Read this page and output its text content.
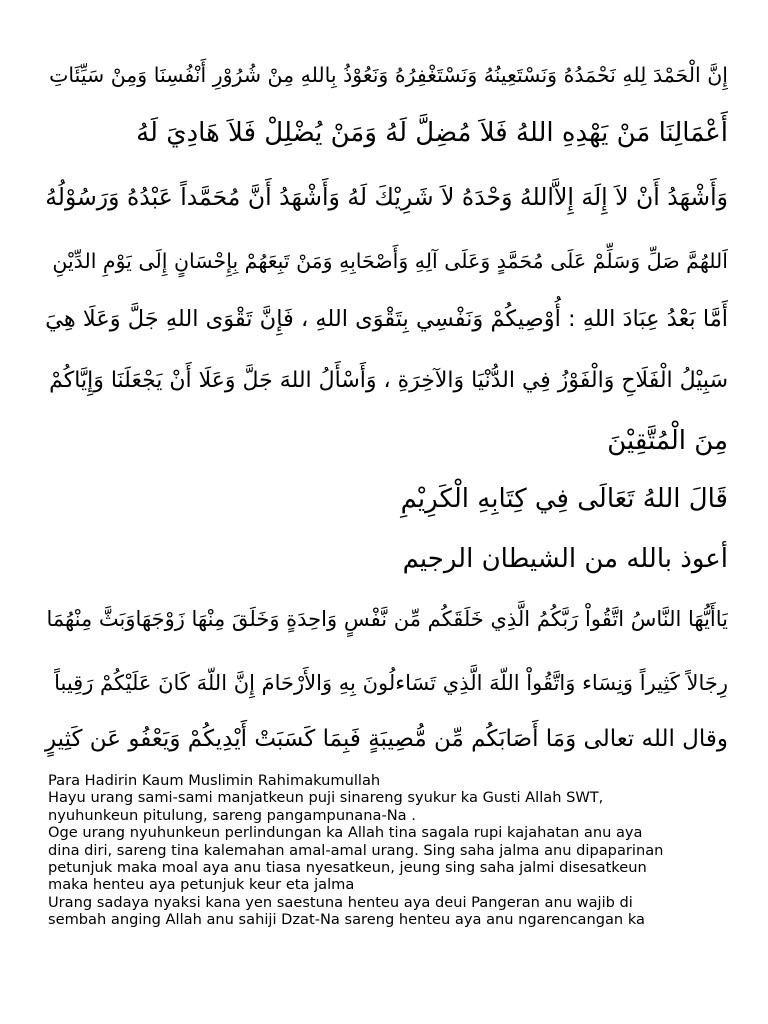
إِنَّ الْحَمْدَ لِلهِ نَحْمَدُهُ وَنَسْتَعِينُهُ وَنَسْتَغْفِرُهُ وَنَعُوْذُ بِاللهِ مِنْ شُرُوْرِ أَنْفُسِنَا وَمِنْ سَيِّئَاتِ
أَعْمَالِنَا مَنْ يَهْدِهِ اللهُ فَلاَ مُضِلَّ لَهُ وَمَنْ يُضْلِلْ فَلاَ هَادِيَ لَهُ
وَأَشْهَدُ أَنْ لاَ إِلَهَ إِلاَّاللهُ وَحْدَهُ لاَ شَرِيْكَ لَهُ وَأَشْهَدُ أَنَّ مُحَمَّداً عَبْدُهُ وَرَسُوْلُهُ
اَللهُمَّ صَلِّ وَسَلِّمْ عَلَى مُحَمَّدٍ وَعَلَى آلِهِ وَأَصْحَابِهِ وَمَنْ تَبِعَهُمْ بِإِحْسَانٍ إِلَى يَوْمِ الدِّيْنِ
أَمَّا بَعْدُ عِبَادَ اللهِ : أُوْصِيكُمْ وَنَفْسِي بِتَقْوَى اللهِ ، فَإِنَّ تَقْوَى اللهِ جَلَّ وَعَلَا هِيَ
سَبِيْلُ الْفَلَاحِ وَالْفَوْزُ فِي الدُّنْيَا وَالآخِرَةِ ، وَأَسْأَلُ اللهَ جَلَّ وَعَلَا أَنْ يَجْعَلَنَا وَإِيَّاكُمْ
مِنَ الْمُتَّقِيْنَ
قَالَ اللهُ تَعَالَى فِي كِتَابِهِ الْكَرِيْمِ
أعوذ بالله من الشيطان الرجيم
يَاأَيُّهَا النَّاسُ اتَّقُواْ رَبَّكُمُ الَّذِي خَلَقَكُم مِّن نَّفْسٍ وَاحِدَةٍ وَخَلَقَ مِنْهَا زَوْجَهَاوَبَثَّ مِنْهُمَا
رِجَالاً كَثِيراً وَنِسَاء وَاتَّقُواْ اللّهَ الَّذِي تَسَاءلُونَ بِهِ وَالأَرْحَامَ إِنَّ اللّهَ كَانَ عَلَيْكُمْ رَقِيباً
وقال الله تعالى وَمَا أَصَابَكُم مِّن مُّصِيبَةٍ فَبِمَا كَسَبَتْ أَيْدِيكُمْ وَيَعْفُو عَن كَثِيرٍ
Para Hadirin Kaum Muslimin Rahimakumullah
Hayu urang sami-sami manjatkeun puji sinareng syukur ka Gusti Allah SWT,
nyuhunkeun pitulung, sareng pangampunana-Na .
Oge urang nyuhunkeun perlindungan ka Allah tina sagala rupi kajahatan anu aya
dina diri, sareng tina kalemahan amal-amal urang. Sing saha jalma anu dipaparinan
petunjuk maka moal aya anu tiasa nyesatkeun, jeung sing saha jalmi disesatkeun
maka henteu aya petunjuk keur eta jalma
Urang sadaya nyaksi kana yen saestuna henteu aya deui Pangeran anu wajib di
sembah anging Allah anu sahiji Dzat-Na sareng henteu aya anu ngarencangan ka
